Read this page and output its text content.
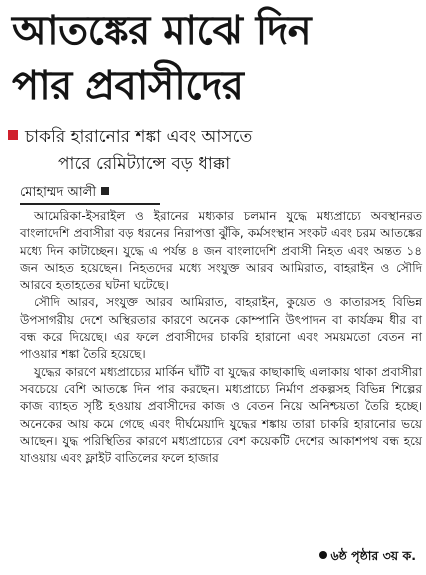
আতঙ্কের মাঝে দিন
পার প্রবাসীদের
চাকরি হারানোর শঙ্কা এবং আসতে
পারে রেমিট্যান্সে বড় ধাক্কা
মোহাম্মদ আলী

আমেরিকা-ইসরাইল ও ইরানের মধ্যকার চলমান যুদ্ধে মধ্যপ্রাচ্যে অবস্থানরত বাংলাদেশি প্রবাসীরা বড় ধরনের নিরাপত্তা ঝুঁকি, কর্মসংস্থান সংকট এবং চরম আতঙ্কের মধ্যে দিন কাটাচ্ছেন। যুদ্ধে এ পর্যন্ত ৪ জন বাংলাদেশি প্রবাসী নিহত এবং অন্তত ১৪ জন আহত হয়েছেন। নিহতদের মধ্যে সংযুক্ত আরব আমিরাত, বাহরাইন ও সৌদি আরবে হতাহতের ঘটনা ঘটেছে।

সৌদি আরব, সংযুক্ত আরব আমিরাত, বাহরাইন, কুয়েত ও কাতারসহ বিভিন্ন উপসাগরীয় দেশে অস্থিরতার কারণে অনেক কোম্পানি উৎপাদন বা কার্যক্রম ধীর বা বন্ধ করে দিয়েছে। এর ফলে প্রবাসীদের চাকরি হারানো এবং সময়মতো বেতন না পাওয়ার শঙ্কা তৈরি হয়েছে।

যুদ্ধের কারণে মধ্যপ্রাচ্যের মার্কিন ঘাঁটি বা যুদ্ধের কাছাকাছি এলাকায় থাকা প্রবাসীরা সবচেয়ে বেশি আতঙ্কে দিন পার করছেন। মধ্যপ্রাচ্যে নির্মাণ প্রকল্পসহ বিভিন্ন শিল্পের কাজ ব্যাহত সৃষ্টি হওয়ায় প্রবাসীদের কাজ ও বেতন নিয়ে অনিশ্চয়তা তৈরি হচ্ছে। অনেকের আয় কমে গেছে এবং দীর্ঘমেয়াদি যুদ্ধের শঙ্কায় তারা চাকরি হারানোর ভয়ে আছেন। যুদ্ধ পরিস্থিতির কারণে মধ্যপ্রাচ্যের বেশ কয়েকটি দেশের আকাশপথ বন্ধ হয়ে যাওয়ায় এবং ফ্লাইট বাতিলের ফলে হাজার

৬ষ্ঠ পৃষ্ঠার ৩য় ক.
